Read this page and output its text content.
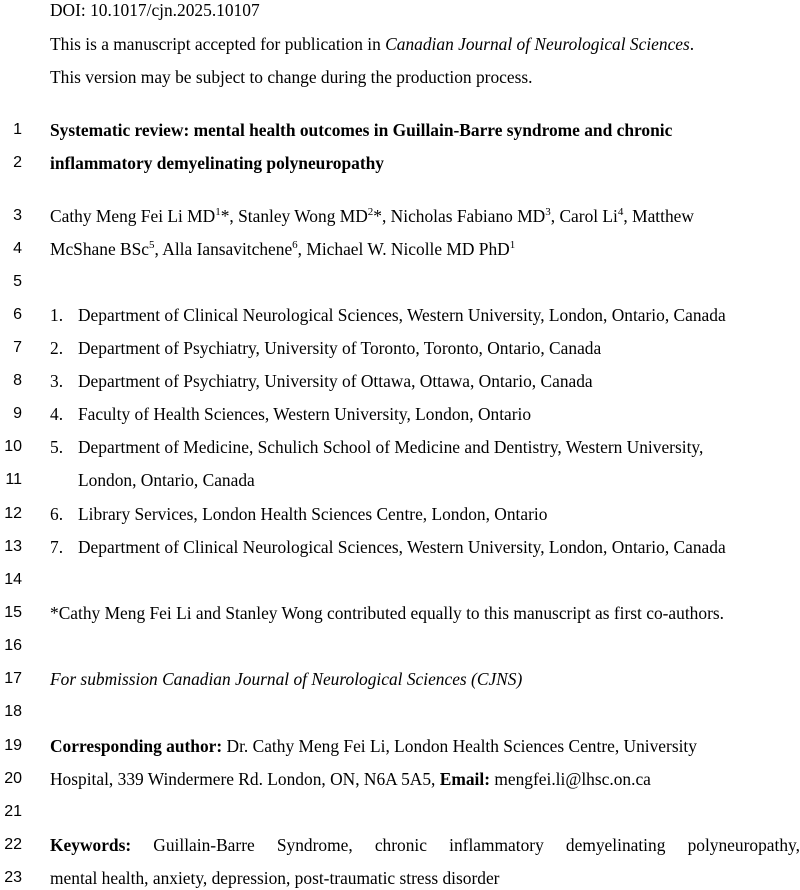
DOI: 10.1017/cjn.2025.10107
This is a manuscript accepted for publication in Canadian Journal of Neurological Sciences.
This version may be subject to change during the production process.
1
2
3
4
5
6
7
8
9
10
11
12
13
14
15
16
17
18
19
20
21
22
23
Systematic review: mental health outcomes in Guillain-Barre syndrome and chronic
inflammatory demyelinating polyneuropathy
Cathy Meng Fei Li $MD^1*$, Stanley Wong $MD^2*$, Nicholas Fabiano $MD^3$, Carol Li$^4$, Matthew
McShane BSc$^5$, Alla Iansavitchene$^6$, Michael W. Nicolle MD PhD$^1$
1. Department of Clinical Neurological Sciences, Western University, London, Ontario, Canada
2. Department of Psychiatry, University of Toronto, Toronto, Ontario, Canada
3. Department of Psychiatry, University of Ottawa, Ottawa, Ontario, Canada
4. Faculty of Health Sciences, Western University, London, Ontario
5. Department of Medicine, Schulich School of Medicine and Dentistry, Western University,
London, Ontario, Canada
6. Library Services, London Health Sciences Centre, London, Ontario
7. Department of Clinical Neurological Sciences, Western University, London, Ontario, Canada
*Cathy Meng Fei Li and Stanley Wong contributed equally to this manuscript as first co-authors.
For submission Canadian Journal of Neurological Sciences (CJNS)
Corresponding author: Dr. Cathy Meng Fei Li, London Health Sciences Centre, University
Hospital, 339 Windermere Rd. London, ON, N6A 5A5, Email: mengfei.li@lhsc.on.ca
Keywords: Guillain-Barre Syndrome, chronic inflammatory demyelinating polyneuropathy,
mental health, anxiety, depression, post-traumatic stress disorder
